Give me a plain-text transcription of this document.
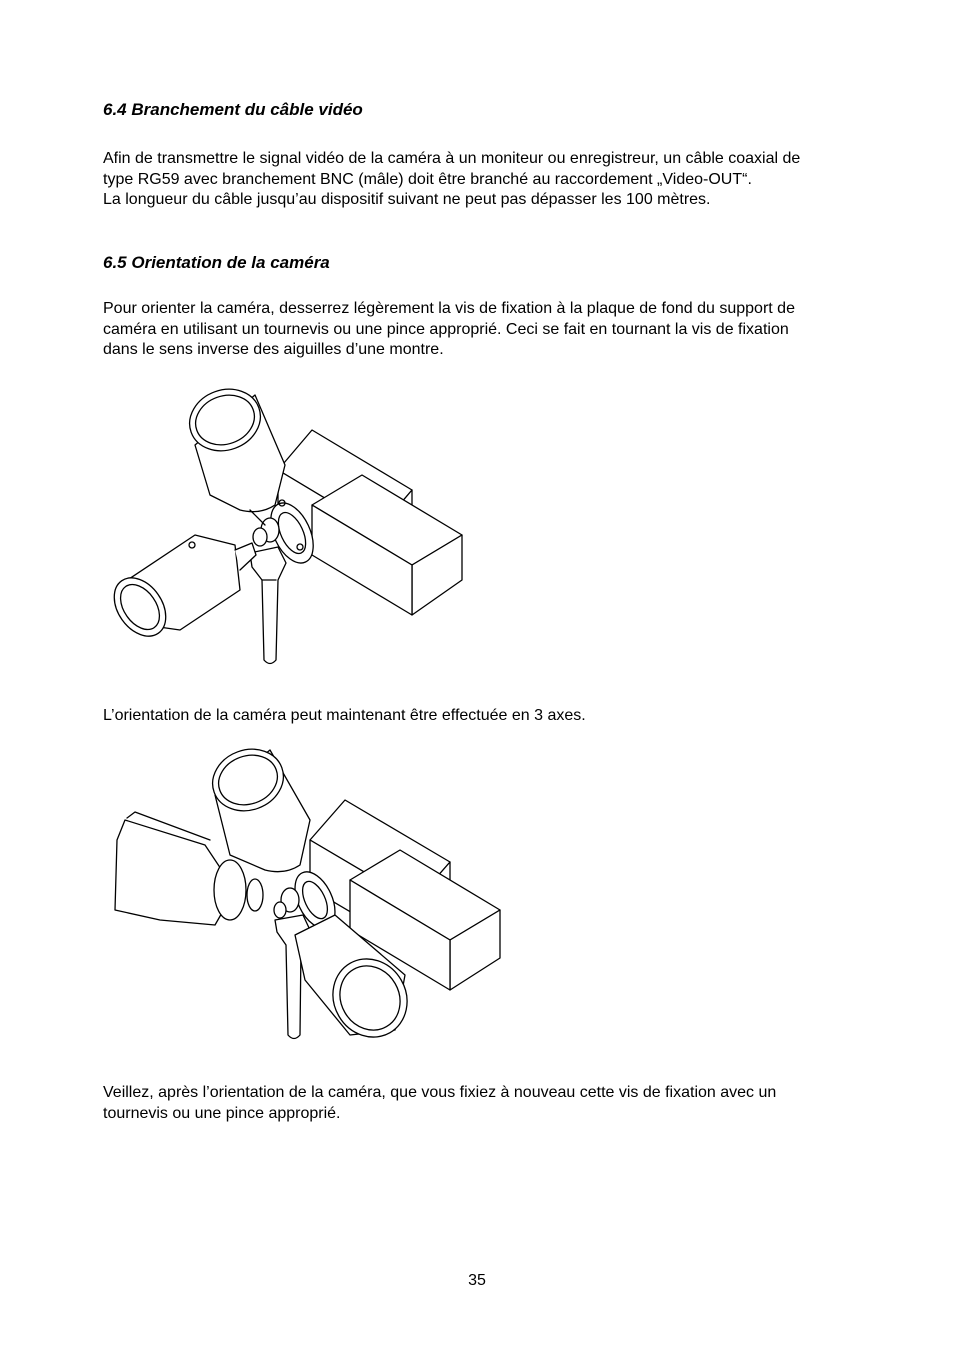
6.4 Branchement du câble vidéo

Afin de transmettre le signal vidéo de la caméra à un moniteur ou enregistreur, un câble coaxial de
type RG59 avec branchement BNC (mâle) doit être branché au raccordement „Video-OUT“.
La longueur du câble jusqu’au dispositif suivant ne peut pas dépasser les 100 mètres.

6.5 Orientation de la caméra

Pour orienter la caméra, desserrez légèrement la vis de fixation à la plaque de fond du support de
caméra en utilisant un tournevis ou une pince approprié. Ceci se fait en tournant la vis de fixation
dans le sens inverse des aiguilles d’une montre.

L’orientation de la caméra peut maintenant être effectuée en 3 axes.

Veillez, après l’orientation de la caméra, que vous fixiez à nouveau cette vis de fixation avec un
tournevis ou une pince approprié.

35
